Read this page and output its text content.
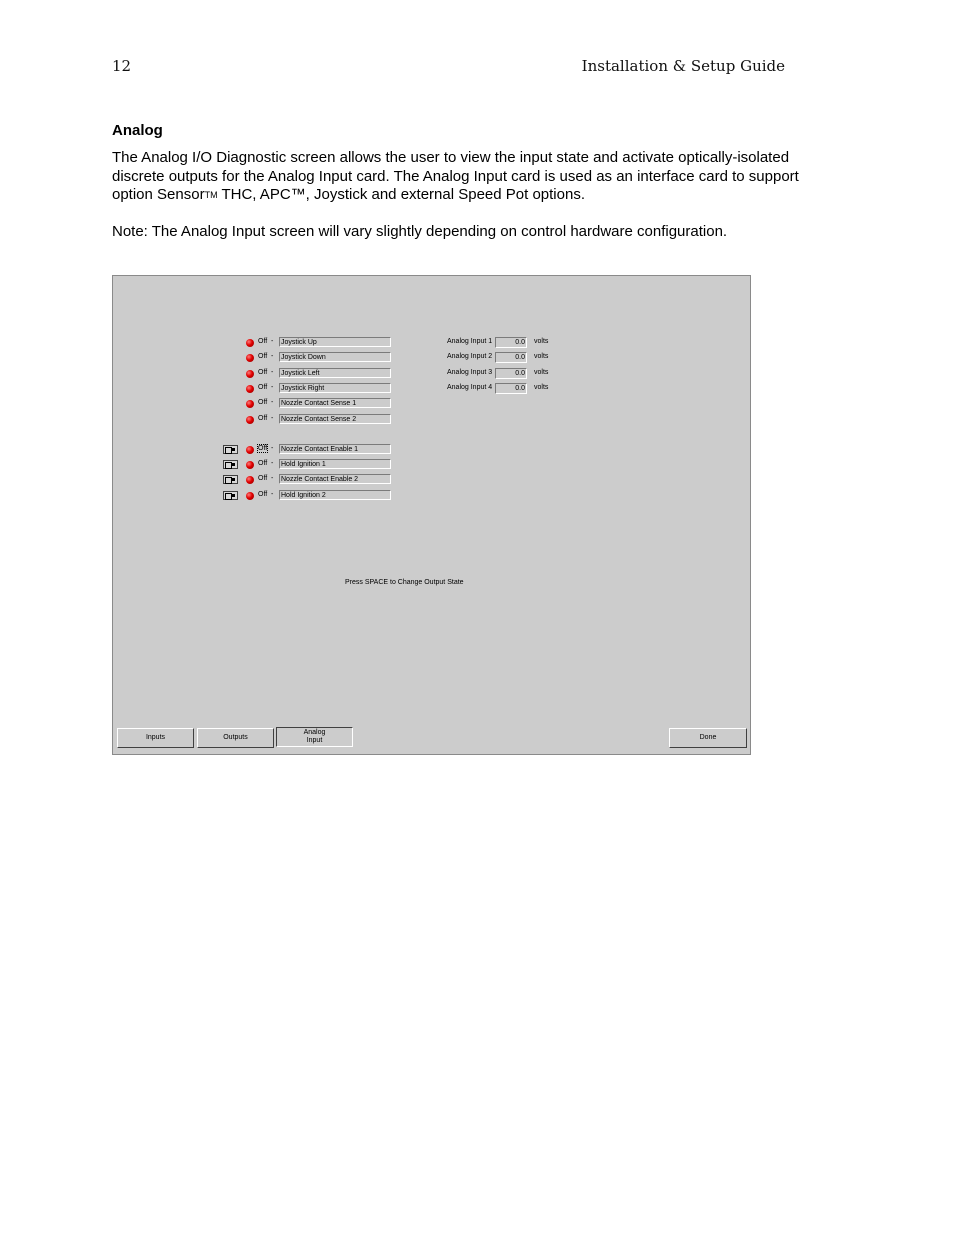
12	Installation & Setup Guide
Analog

The Analog I/O Diagnostic screen allows the user to view the input state and activate optically-isolated discrete outputs for the Analog Input card. The Analog Input card is used as an interface card to support option SensorTM THC, APC™, Joystick and external Speed Pot options.

Note: The Analog Input screen will vary slightly depending on control hardware configuration.

Off - Joystick Up
Off - Joystick Down
Off - Joystick Left
Off - Joystick Right
Off - Nozzle Contact Sense 1
Off - Nozzle Contact Sense 2
Off - Nozzle Contact Enable 1
Off - Hold Ignition 1
Off - Nozzle Contact Enable 2
Off - Hold Ignition 2
Analog Input 1	0.0 volts
Analog Input 2	0.0 volts
Analog Input 3	0.0 volts
Analog Input 4	0.0 volts
Press SPACE to Change Output State
Inputs	Outputs
Analog
Input	Done
